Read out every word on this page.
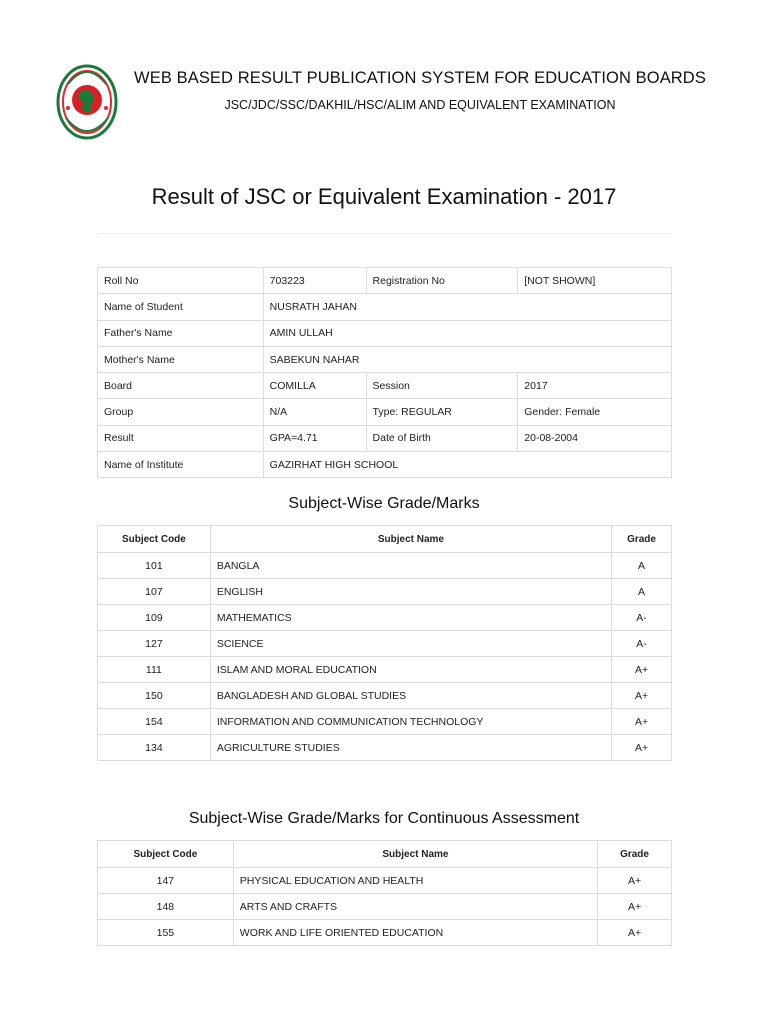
WEB BASED RESULT PUBLICATION SYSTEM FOR EDUCATION BOARDS
JSC/JDC/SSC/DAKHIL/HSC/ALIM AND EQUIVALENT EXAMINATION
Result of JSC or Equivalent Examination - 2017
Roll No	703223	Registration No	[NOT SHOWN]
Name of Student	NUSRATH JAHAN		
Father's Name	AMIN ULLAH		
Mother's Name	SABEKUN NAHAR		
Board	COMILLA	Session	2017
Group	N/A	Type: REGULAR	Gender: Female
Result	GPA=4.71	Date of Birth	20-08-2004
Name of Institute	GAZIRHAT HIGH SCHOOL		
Subject-Wise Grade/Marks
Subject Code	Subject Name	Grade
101	BANGLA	A
107	ENGLISH	A
109	MATHEMATICS	A-
127	SCIENCE	A-
111	ISLAM AND MORAL EDUCATION	A+
150	BANGLADESH AND GLOBAL STUDIES	A+
154	INFORMATION AND COMMUNICATION TECHNOLOGY	A+
134	AGRICULTURE STUDIES	A+
Subject-Wise Grade/Marks for Continuous Assessment
Subject Code	Subject Name	Grade
147	PHYSICAL EDUCATION AND HEALTH	A+
148	ARTS AND CRAFTS	A+
155	WORK AND LIFE ORIENTED EDUCATION	A+
